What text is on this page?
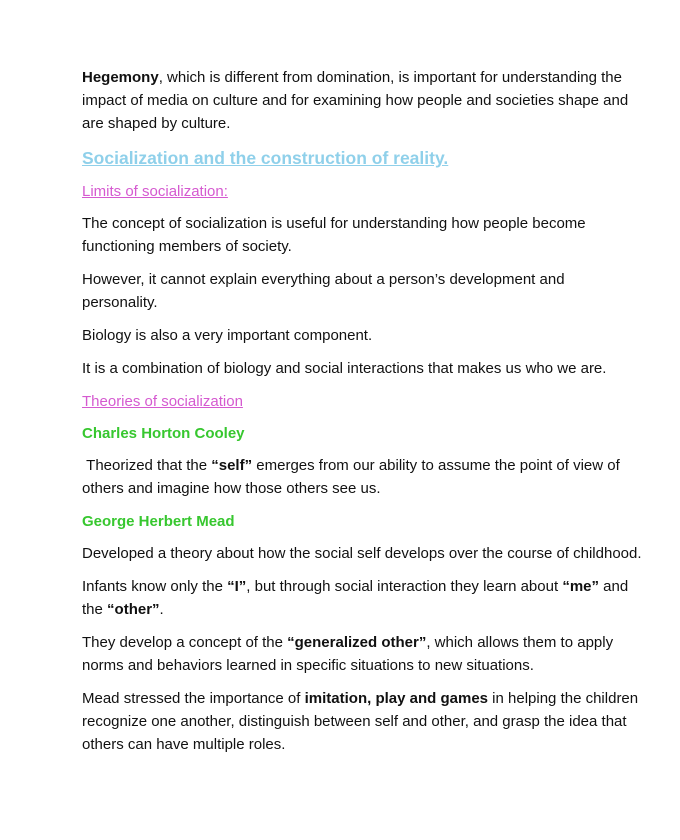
Hegemony, which is different from domination, is important for understanding the impact of media on culture and for examining how people and societies shape and are shaped by culture.

Socialization and the construction of reality.

Limits of socialization:

The concept of socialization is useful for understanding how people become functioning members of society.

However, it cannot explain everything about a person’s development and personality.

Biology is also a very important component.

It is a combination of biology and social interactions that makes us who we are.

Theories of socialization

Charles Horton Cooley

Theorized that the “self” emerges from our ability to assume the point of view of others and imagine how those others see us.

George Herbert Mead

Developed a theory about how the social self develops over the course of childhood.

Infants know only the “I”, but through social interaction they learn about “me” and the “other”.

They develop a concept of the “generalized other”, which allows them to apply norms and behaviors learned in specific situations to new situations.

Mead stressed the importance of imitation, play and games in helping the children recognize one another, distinguish between self and other, and grasp the idea that others can have multiple roles.
